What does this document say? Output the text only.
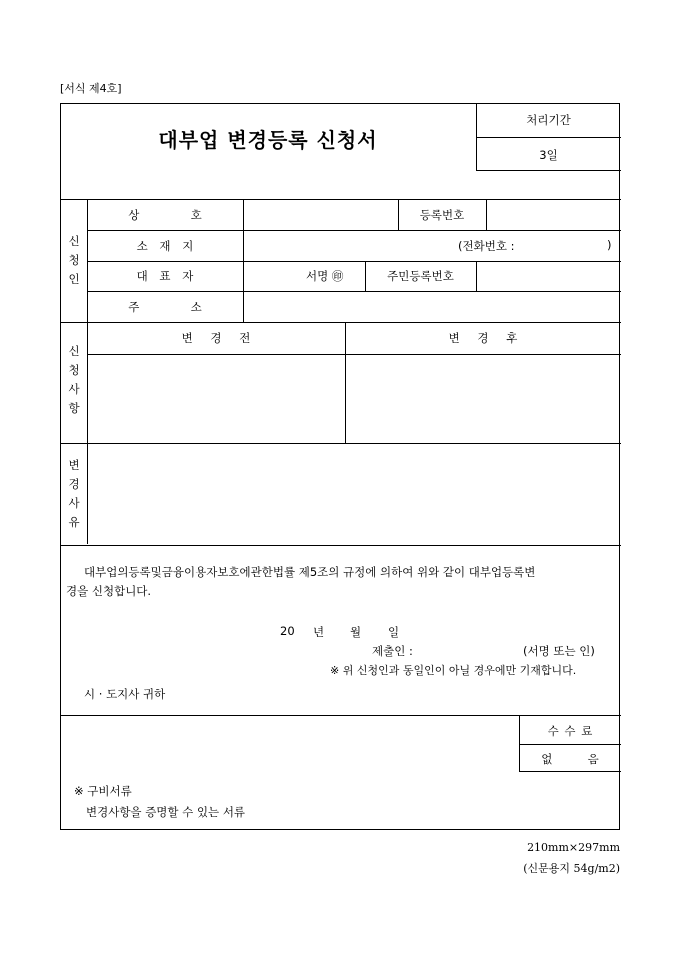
[서식 제4호]
대부업 변경등록 신청서
처리기간
3일
신
청
인
상  호	등록번호
소 재 지	(전화번호 :	)
대 표 자	서명 ㊞	주민등록번호
주  소
신
청
사
항
변 경 전	변 경 후
변
경
사
유
대부업의등록및금융이용자보호에관한법률 제5조의 규정에 의하여 위와 같이 대부업등록변
경을 신청합니다.
20 년 월 일
제출인 :	(서명 또는 인)
※ 위 신청인과 동일인이 아닐 경우에만 기재합니다.
시 · 도지사 귀하
수 수 료
없  음
※ 구비서류
변경사항을 증명할 수 있는 서류
210mm×297mm
(신문용지 54g/m2)
